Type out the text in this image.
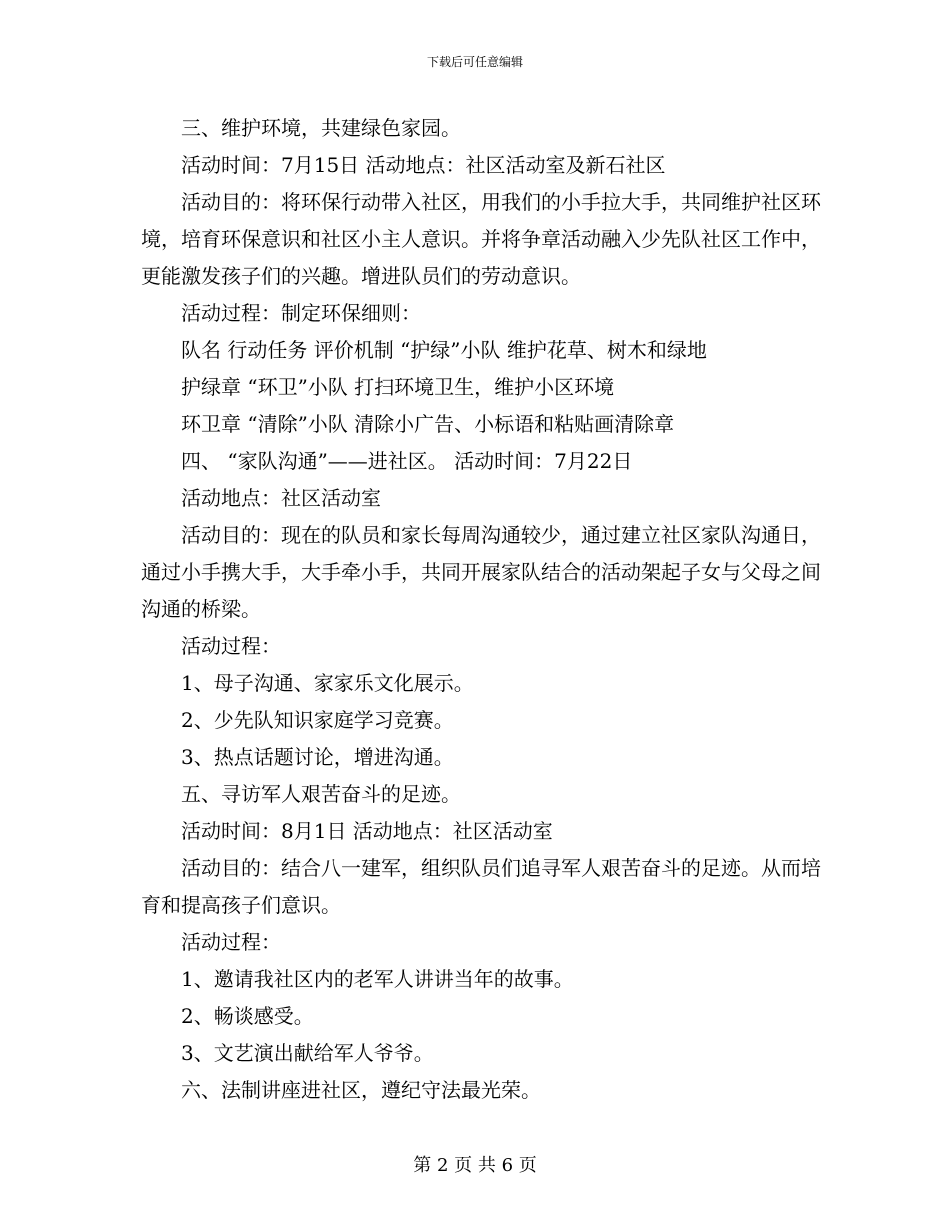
下载后可任意编辑

三、维护环境，共建绿色家园。

活动时间：7月15日 活动地点：社区活动室及新石社区

活动目的：将环保行动带入社区，用我们的小手拉大手，共同维护社区环境，培育环保意识和社区小主人意识。并将争章活动融入少先队社区工作中，更能激发孩子们的兴趣。增进队员们的劳动意识。

活动过程：制定环保细则：

队名 行动任务 评价机制 “护绿”小队 维护花草、树木和绿地

护绿章 “环卫”小队 打扫环境卫生，维护小区环境

环卫章 “清除”小队 清除小广告、小标语和粘贴画清除章

四、 “家队沟通”——进社区。 活动时间：7月22日

活动地点：社区活动室

活动目的：现在的队员和家长每周沟通较少，通过建立社区家队沟通日，通过小手携大手，大手牵小手，共同开展家队结合的活动架起子女与父母之间沟通的桥梁。

活动过程：

1、母子沟通、家家乐文化展示。

2、少先队知识家庭学习竞赛。

3、热点话题讨论，增进沟通。

五、寻访军人艰苦奋斗的足迹。

活动时间：8月1日 活动地点：社区活动室

活动目的：结合八一建军，组织队员们追寻军人艰苦奋斗的足迹。从而培育和提高孩子们意识。

活动过程：

1、邀请我社区内的老军人讲讲当年的故事。

2、畅谈感受。

3、文艺演出献给军人爷爷。

六、法制讲座进社区，遵纪守法最光荣。

第 2 页 共 6 页
